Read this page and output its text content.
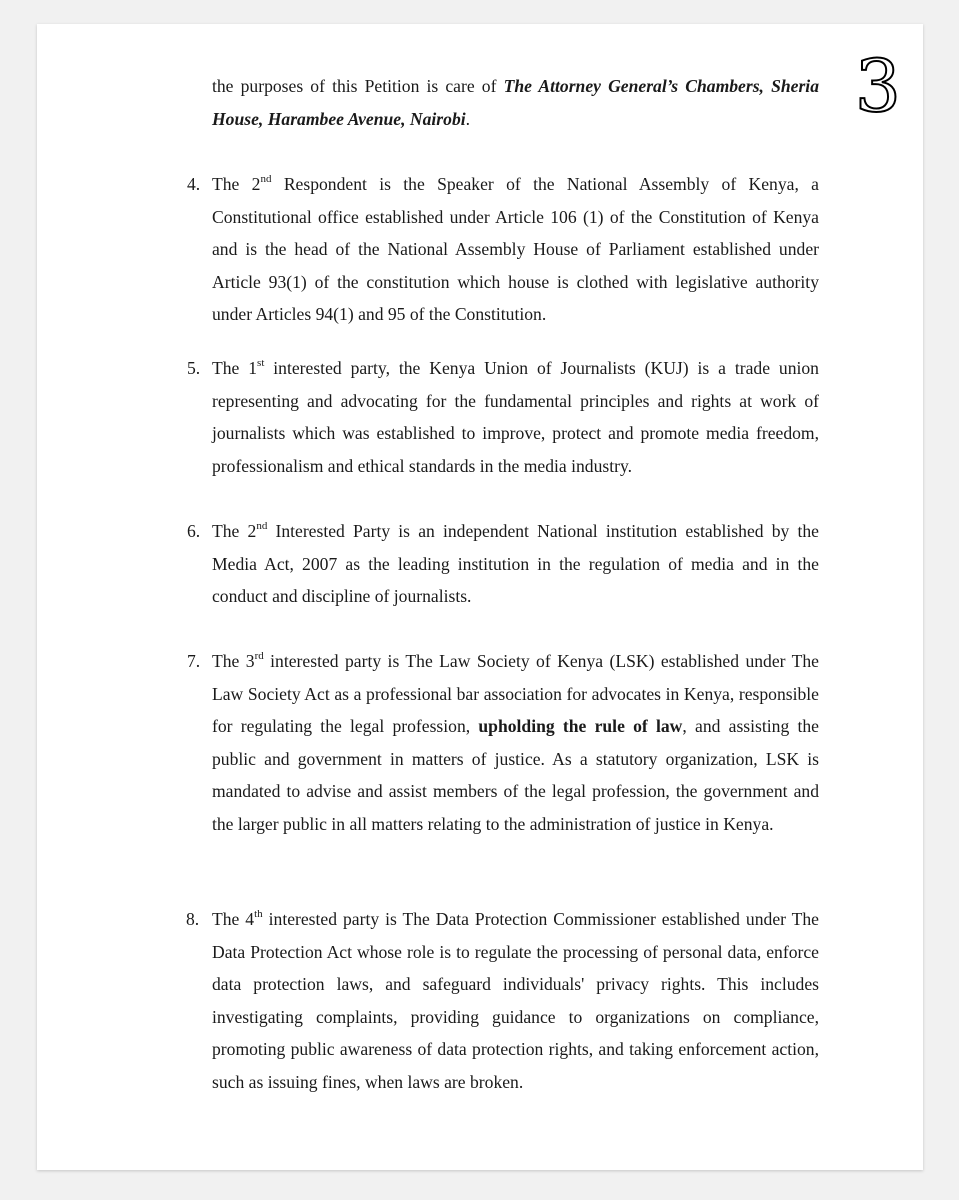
3
the purposes of this Petition is care of The Attorney General’s Chambers, Sheria House, Harambee Avenue, Nairobi.
4. The 2nd Respondent is the Speaker of the National Assembly of Kenya, a Constitutional office established under Article 106 (1) of the Constitution of Kenya and is the head of the National Assembly House of Parliament established under Article 93(1) of the constitution which house is clothed with legislative authority under Articles 94(1) and 95 of the Constitution.
5. The 1st interested party, the Kenya Union of Journalists (KUJ) is a trade union representing and advocating for the fundamental principles and rights at work of journalists which was established to improve, protect and promote media freedom, professionalism and ethical standards in the media industry.
6. The 2nd Interested Party is an independent National institution established by the Media Act, 2007 as the leading institution in the regulation of media and in the conduct and discipline of journalists.
7. The 3rd interested party is The Law Society of Kenya (LSK) established under The Law Society Act as a professional bar association for advocates in Kenya, responsible for regulating the legal profession, upholding the rule of law, and assisting the public and government in matters of justice. As a statutory organization, LSK is mandated to advise and assist members of the legal profession, the government and the larger public in all matters relating to the administration of justice in Kenya.
8. The 4th interested party is The Data Protection Commissioner established under The Data Protection Act whose role is to regulate the processing of personal data, enforce data protection laws, and safeguard individuals' privacy rights. This includes investigating complaints, providing guidance to organizations on compliance, promoting public awareness of data protection rights, and taking enforcement action, such as issuing fines, when laws are broken.
